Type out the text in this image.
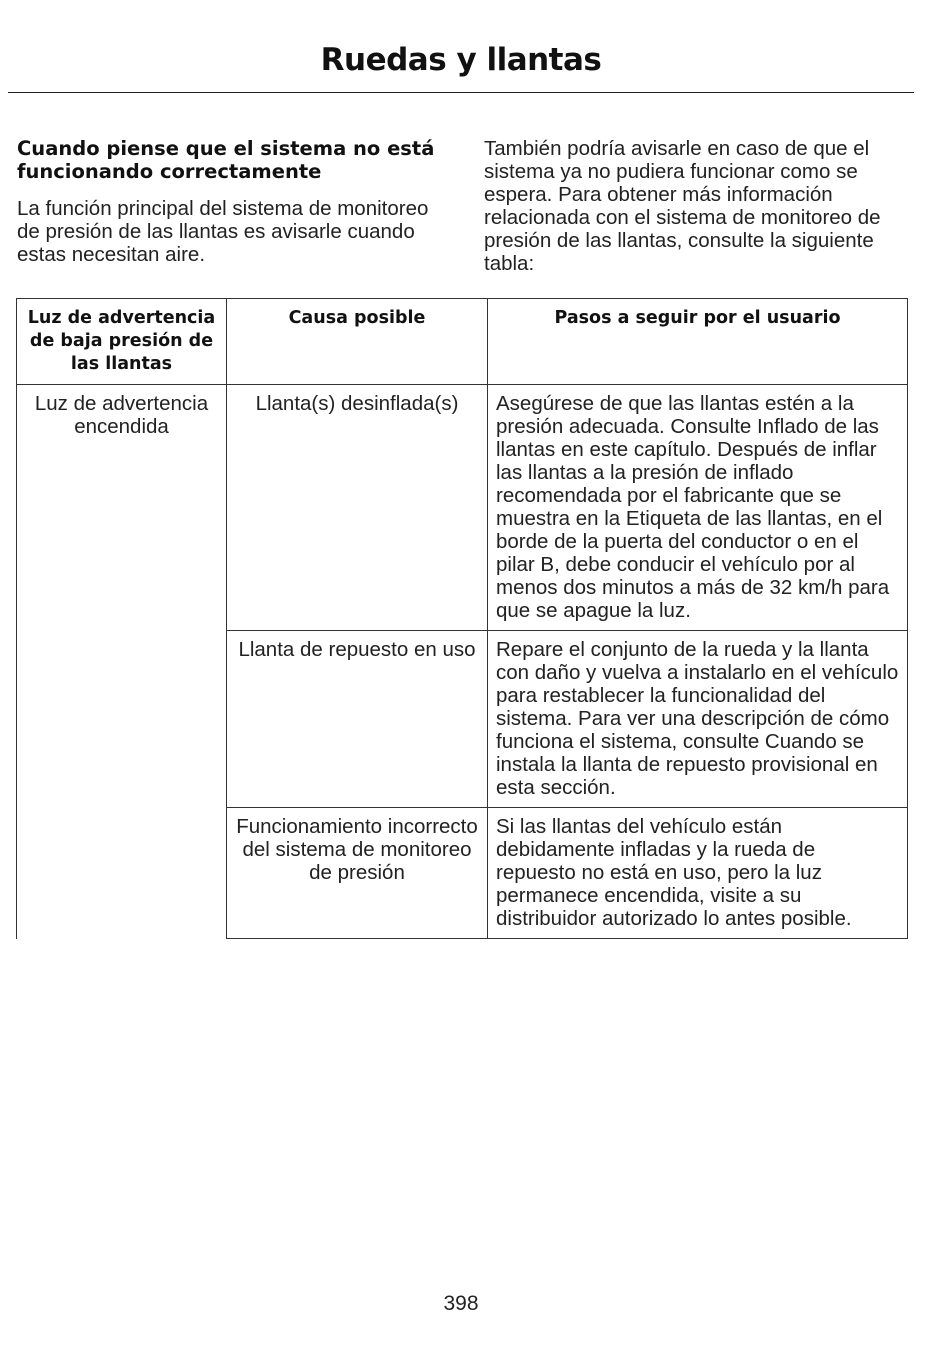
Ruedas y llantas
Cuando piense que el sistema no está funcionando correctamente

La función principal del sistema de monitoreo de presión de las llantas es avisarle cuando estas necesitan aire.

También podría avisarle en caso de que el sistema ya no pudiera funcionar como se espera. Para obtener más información relacionada con el sistema de monitoreo de presión de las llantas, consulte la siguiente tabla:

Luz de advertencia de baja presión de las llantas	Causa posible	Pasos a seguir por el usuario
Luz de advertencia encendida	Llanta(s) desinflada(s)	Asegúrese de que las llantas estén a la presión adecuada. Consulte Inflado de las llantas en este capítulo. Después de inflar las llantas a la presión de inflado recomendada por el fabricante que se muestra en la Etiqueta de las llantas, en el borde de la puerta del conductor o en el pilar B, debe conducir el vehículo por al menos dos minutos a más de 32 km/h para que se apague la luz.
	Llanta de repuesto en uso	Repare el conjunto de la rueda y la llanta con daño y vuelva a instalarlo en el vehículo para restablecer la funcionalidad del sistema. Para ver una descripción de cómo funciona el sistema, consulte Cuando se instala la llanta de repuesto provisional en esta sección.
	Funcionamiento incorrecto del sistema de monitoreo de presión	Si las llantas del vehículo están debidamente infladas y la rueda de repuesto no está en uso, pero la luz permanece encendida, visite a su distribuidor autorizado lo antes posible.
398
